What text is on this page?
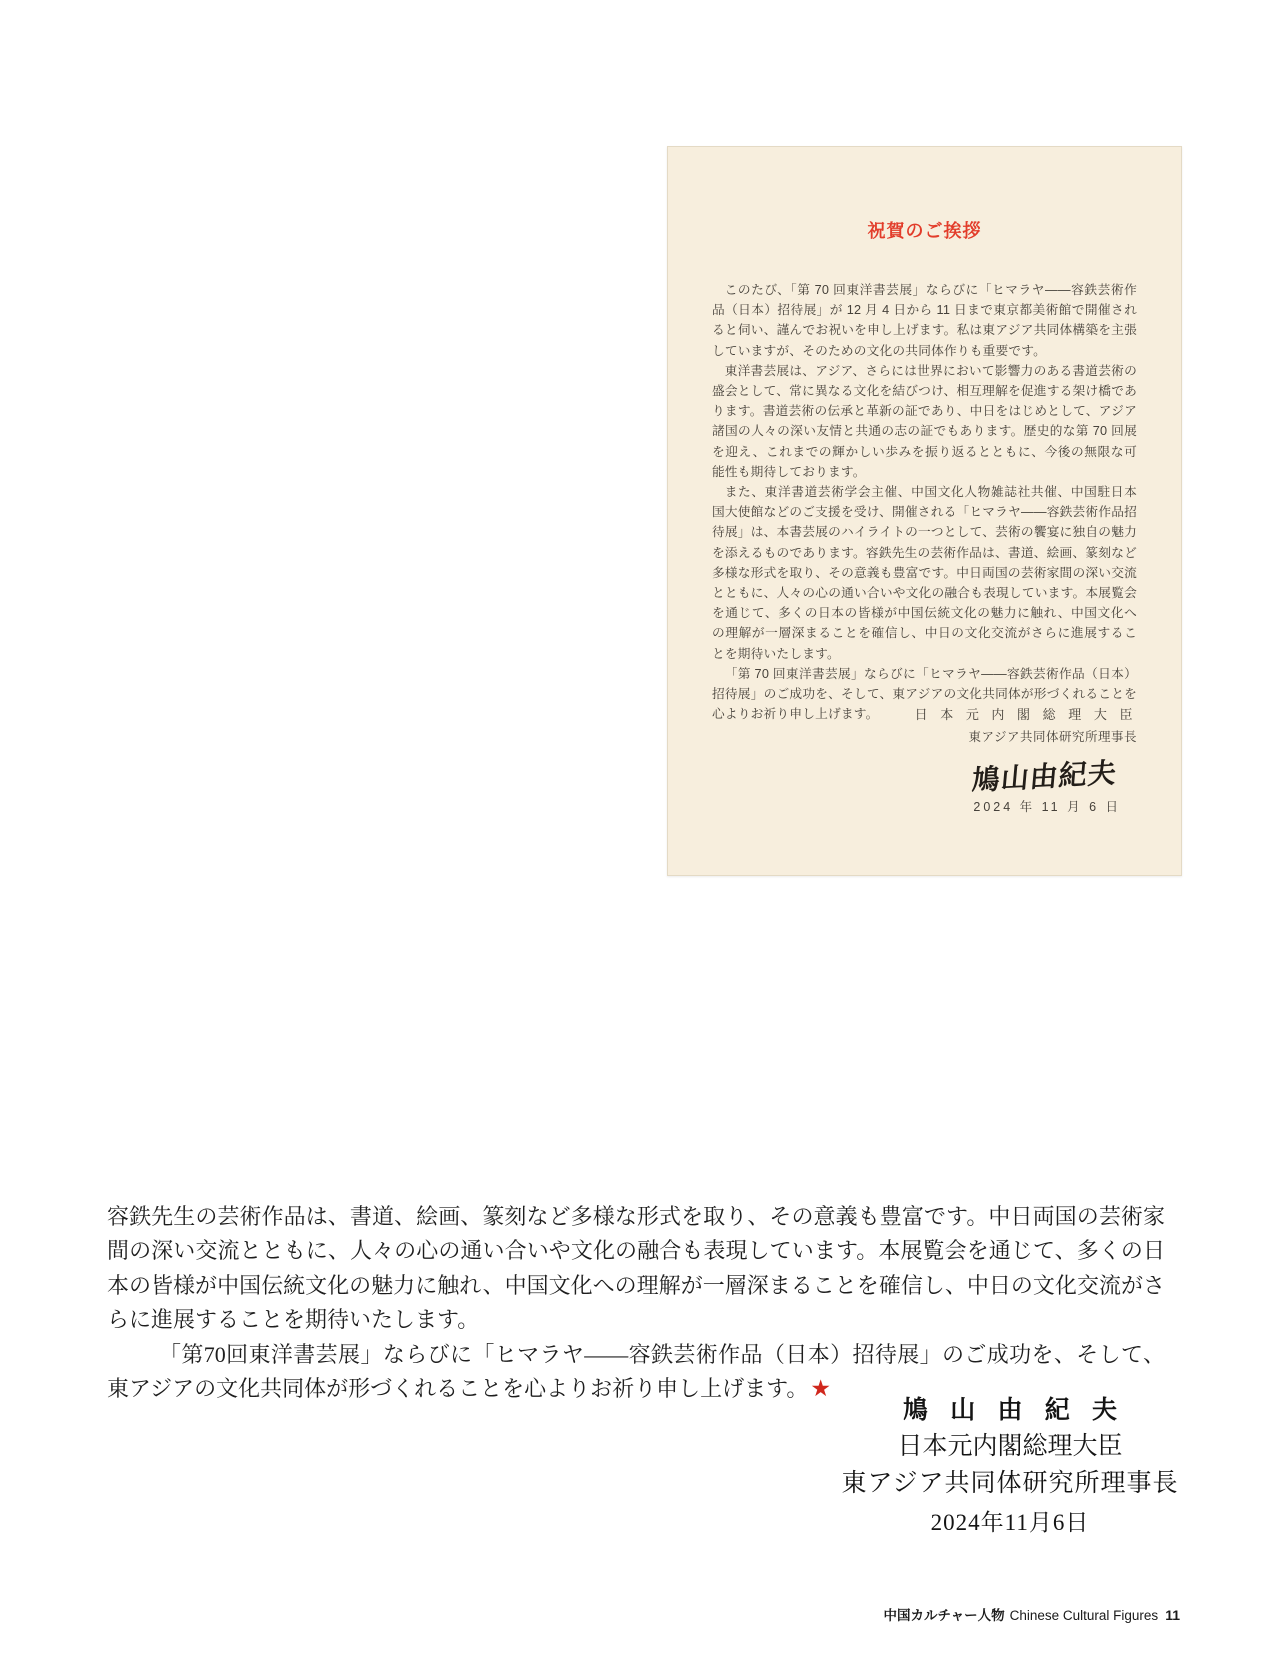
祝賀のご挨拶

このたび、「第 70 回東洋書芸展」ならびに「ヒマラヤ——容鉄芸術作品（日本）招待展」が 12 月 4 日から 11 日まで東京都美術館で開催されると伺い、謹んでお祝いを申し上げます。私は東アジア共同体構築を主張していますが、そのための文化の共同体作りも重要です。

東洋書芸展は、アジア、さらには世界において影響力のある書道芸術の盛会として、常に異なる文化を結びつけ、相互理解を促進する架け橋であります。書道芸術の伝承と革新の証であり、中日をはじめとして、アジア諸国の人々の深い友情と共通の志の証でもあります。歴史的な第 70 回展を迎え、これまでの輝かしい歩みを振り返るとともに、今後の無限な可能性も期待しております。

また、東洋書道芸術学会主催、中国文化人物雑誌社共催、中国駐日本国大使館などのご支援を受け、開催される「ヒマラヤ——容鉄芸術作品招待展」は、本書芸展のハイライトの一つとして、芸術の饗宴に独自の魅力を添えるものであります。容鉄先生の芸術作品は、書道、絵画、篆刻など多様な形式を取り、その意義も豊富です。中日両国の芸術家間の深い交流とともに、人々の心の通い合いや文化の融合も表現しています。本展覧会を通じて、多くの日本の皆様が中国伝統文化の魅力に触れ、中国文化への理解が一層深まることを確信し、中日の文化交流がさらに進展することを期待いたします。

「第 70 回東洋書芸展」ならびに「ヒマラヤ——容鉄芸術作品（日本）招待展」のご成功を、そして、東アジアの文化共同体が形づくれることを心よりお祈り申し上げます。	日 本 元 内 閣 総 理 大 臣
東アジア共同体研究所理事長
鳩山由紀夫
2024 年 11 月 6 日

容鉄先生の芸術作品は、書道、絵画、篆刻など多様な形式を取り、その意義も豊富です。中日両国の芸術家間の深い交流とともに、人々の心の通い合いや文化の融合も表現しています。本展覧会を通じて、多くの日本の皆様が中国伝統文化の魅力に触れ、中国文化への理解が一層深まることを確信し、中日の文化交流がさらに進展することを期待いたします。

「第70回東洋書芸展」ならびに「ヒマラヤ——容鉄芸術作品（日本）招待展」のご成功を、そして、東アジアの文化共同体が形づくれることを心よりお祈り申し上げます。★

鳩 山 由 紀 夫
日本元内閣総理大臣
東アジア共同体研究所理事長
2024年11月6日
中国カルチャー人物 Chinese Cultural Figures 11
